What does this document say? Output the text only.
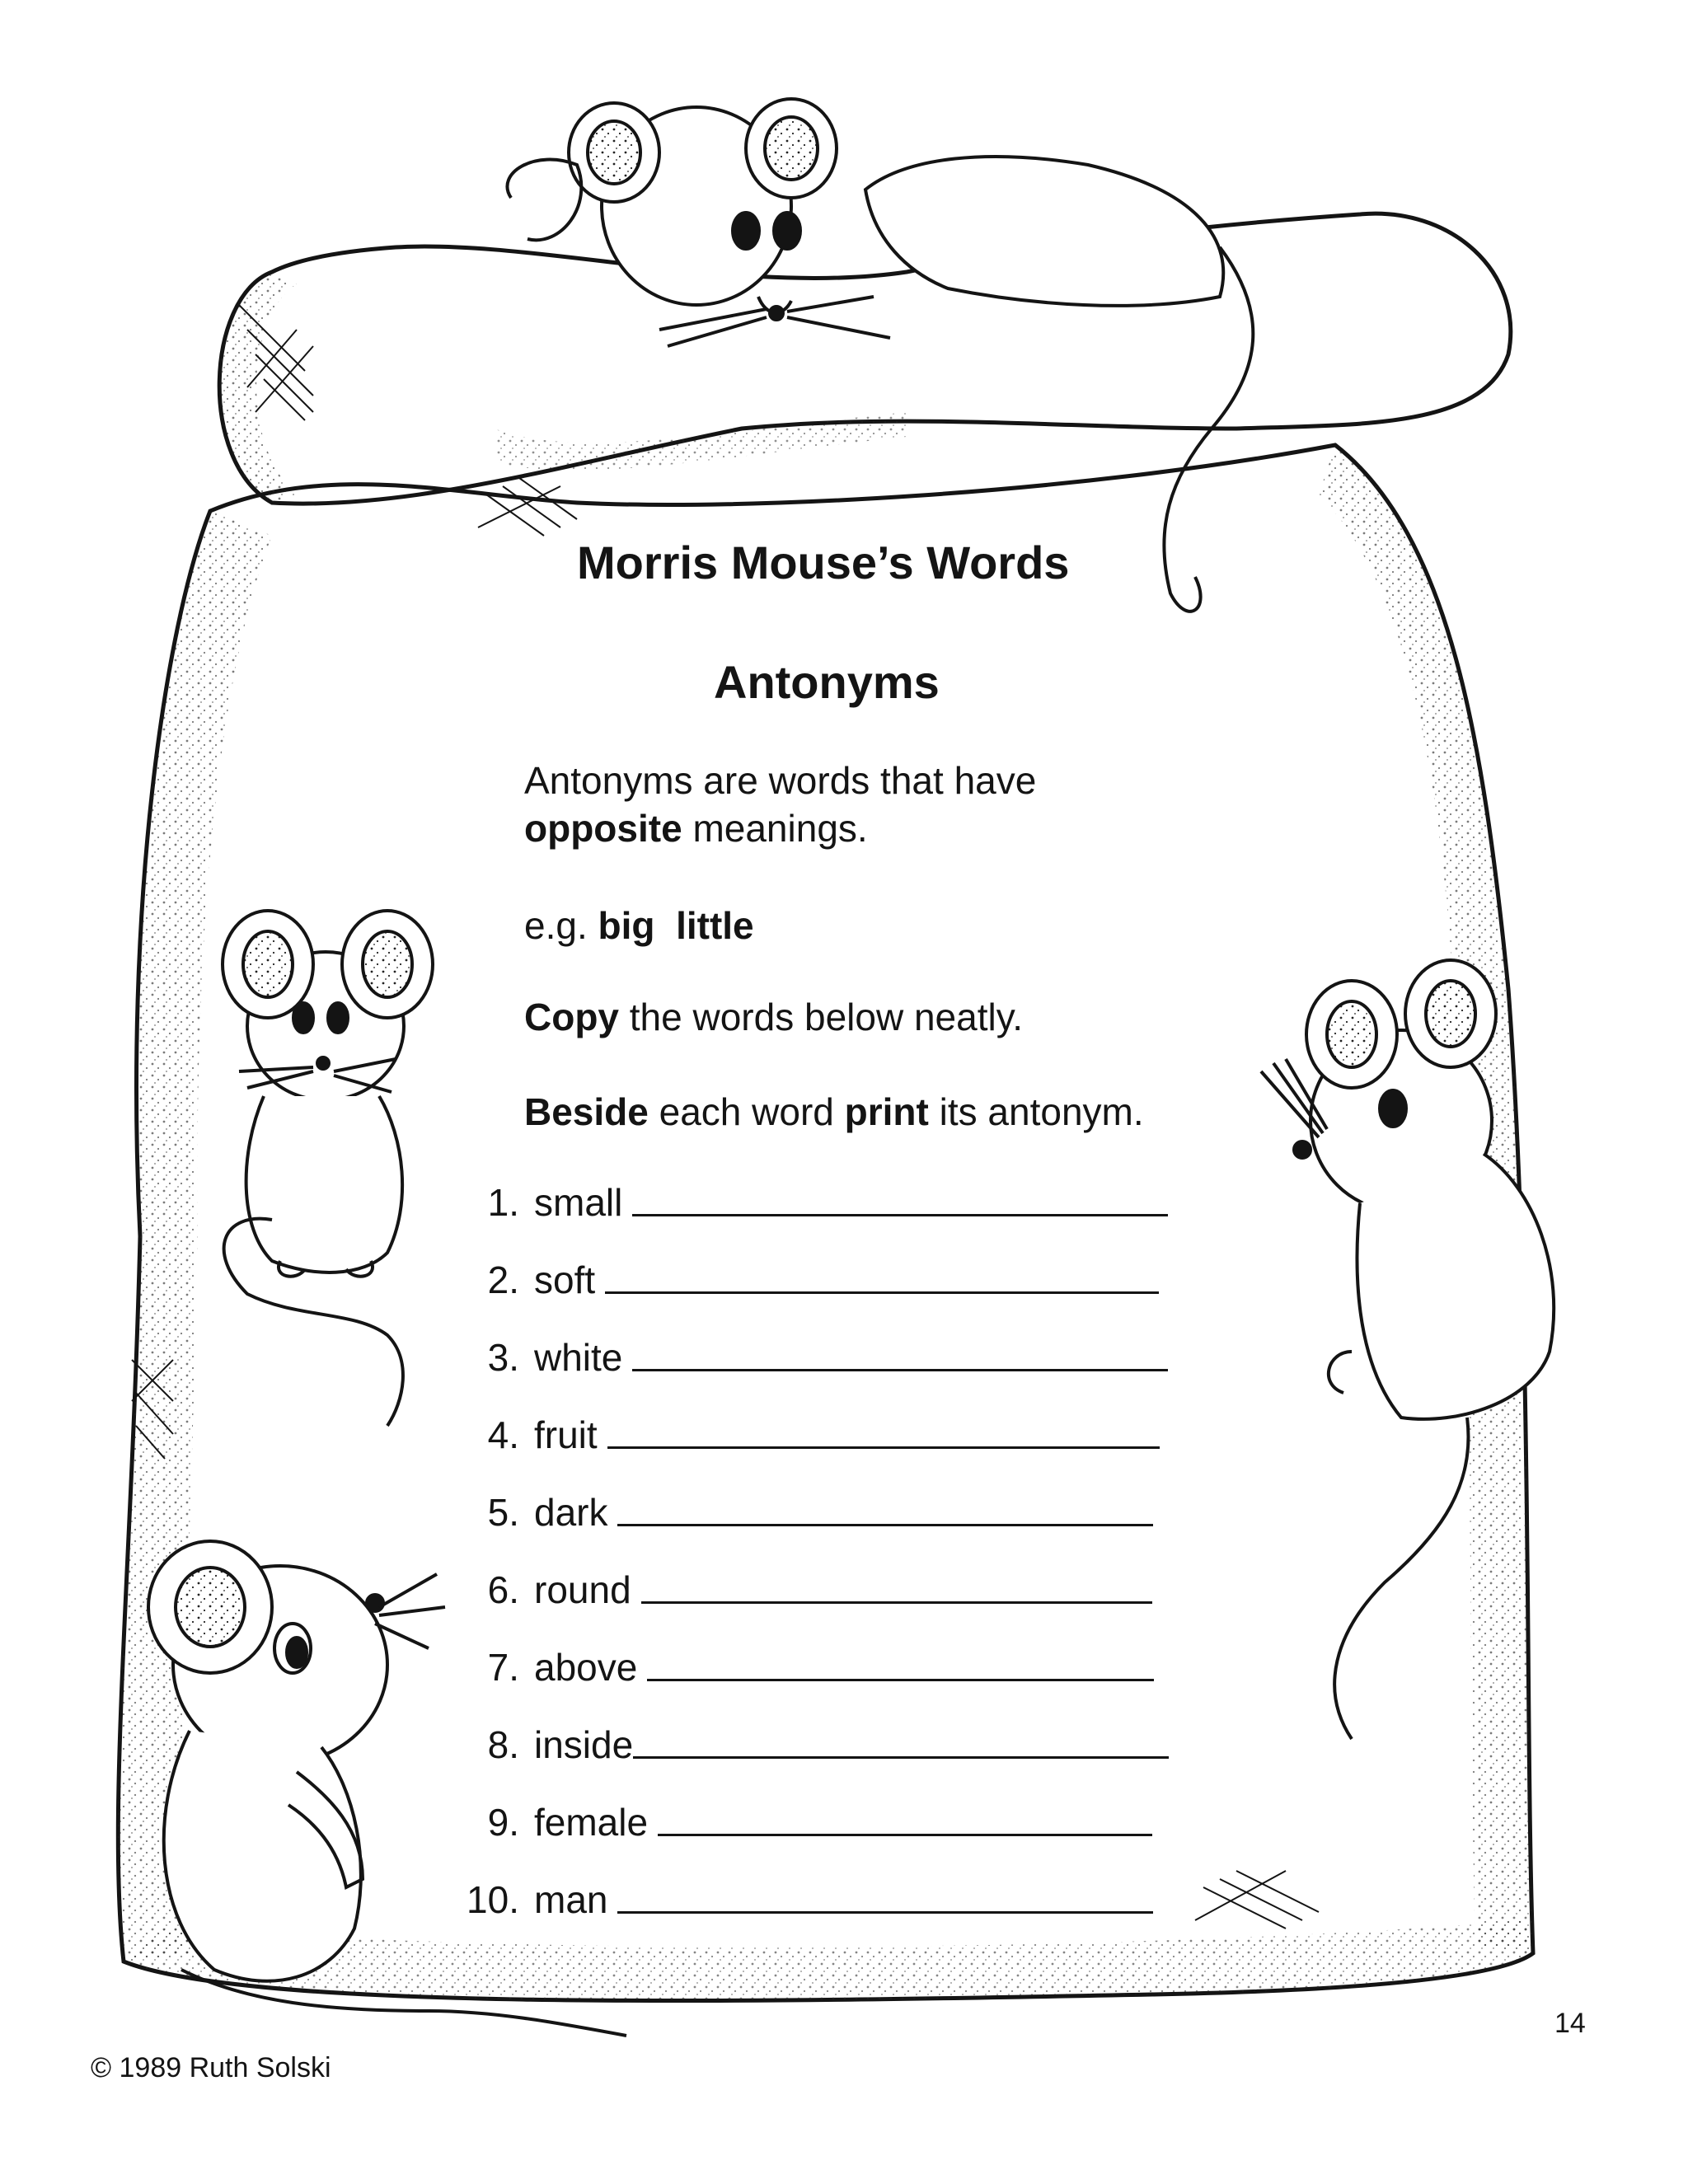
Morris Mouse’s Words
Antonyms
Antonyms are words that have
opposite meanings.
e.g. big little
Copy the words below neatly.
Beside each word print its antonym.
1. small
2. soft
3. white
4. fruit
5. dark
6. round
7. above
8. inside
9. female
10. man
© 1989 Ruth Solski
14
